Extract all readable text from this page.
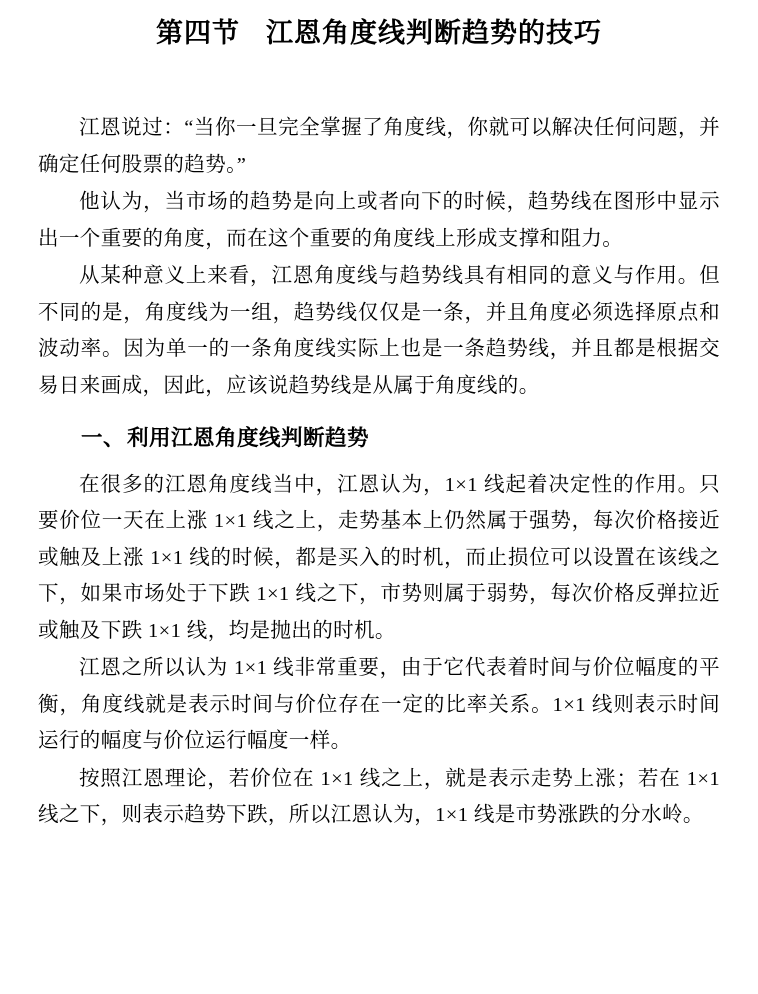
第四节 江恩角度线判断趋势的技巧

江恩说过：“当你一旦完全掌握了角度线，你就可以解决任何问题，并确定任何股票的趋势。”

他认为，当市场的趋势是向上或者向下的时候，趋势线在图形中显示出一个重要的角度，而在这个重要的角度线上形成支撑和阻力。

从某种意义上来看，江恩角度线与趋势线具有相同的意义与作用。但不同的是，角度线为一组，趋势线仅仅是一条，并且角度必须选择原点和波动率。因为单一的一条角度线实际上也是一条趋势线，并且都是根据交易日来画成，因此，应该说趋势线是从属于角度线的。

一、利用江恩角度线判断趋势

在很多的江恩角度线当中，江恩认为，1×1 线起着决定性的作用。只要价位一天在上涨 1×1 线之上，走势基本上仍然属于强势，每次价格接近或触及上涨 1×1 线的时候，都是买入的时机，而止损位可以设置在该线之下，如果市场处于下跌 1×1 线之下，市势则属于弱势，每次价格反弹拉近或触及下跌 1×1 线，均是抛出的时机。

江恩之所以认为 1×1 线非常重要，由于它代表着时间与价位幅度的平衡，角度线就是表示时间与价位存在一定的比率关系。1×1 线则表示时间运行的幅度与价位运行幅度一样。

按照江恩理论，若价位在 1×1 线之上，就是表示走势上涨；若在 1×1 线之下，则表示趋势下跌，所以江恩认为，1×1 线是市势涨跌的分水岭。
